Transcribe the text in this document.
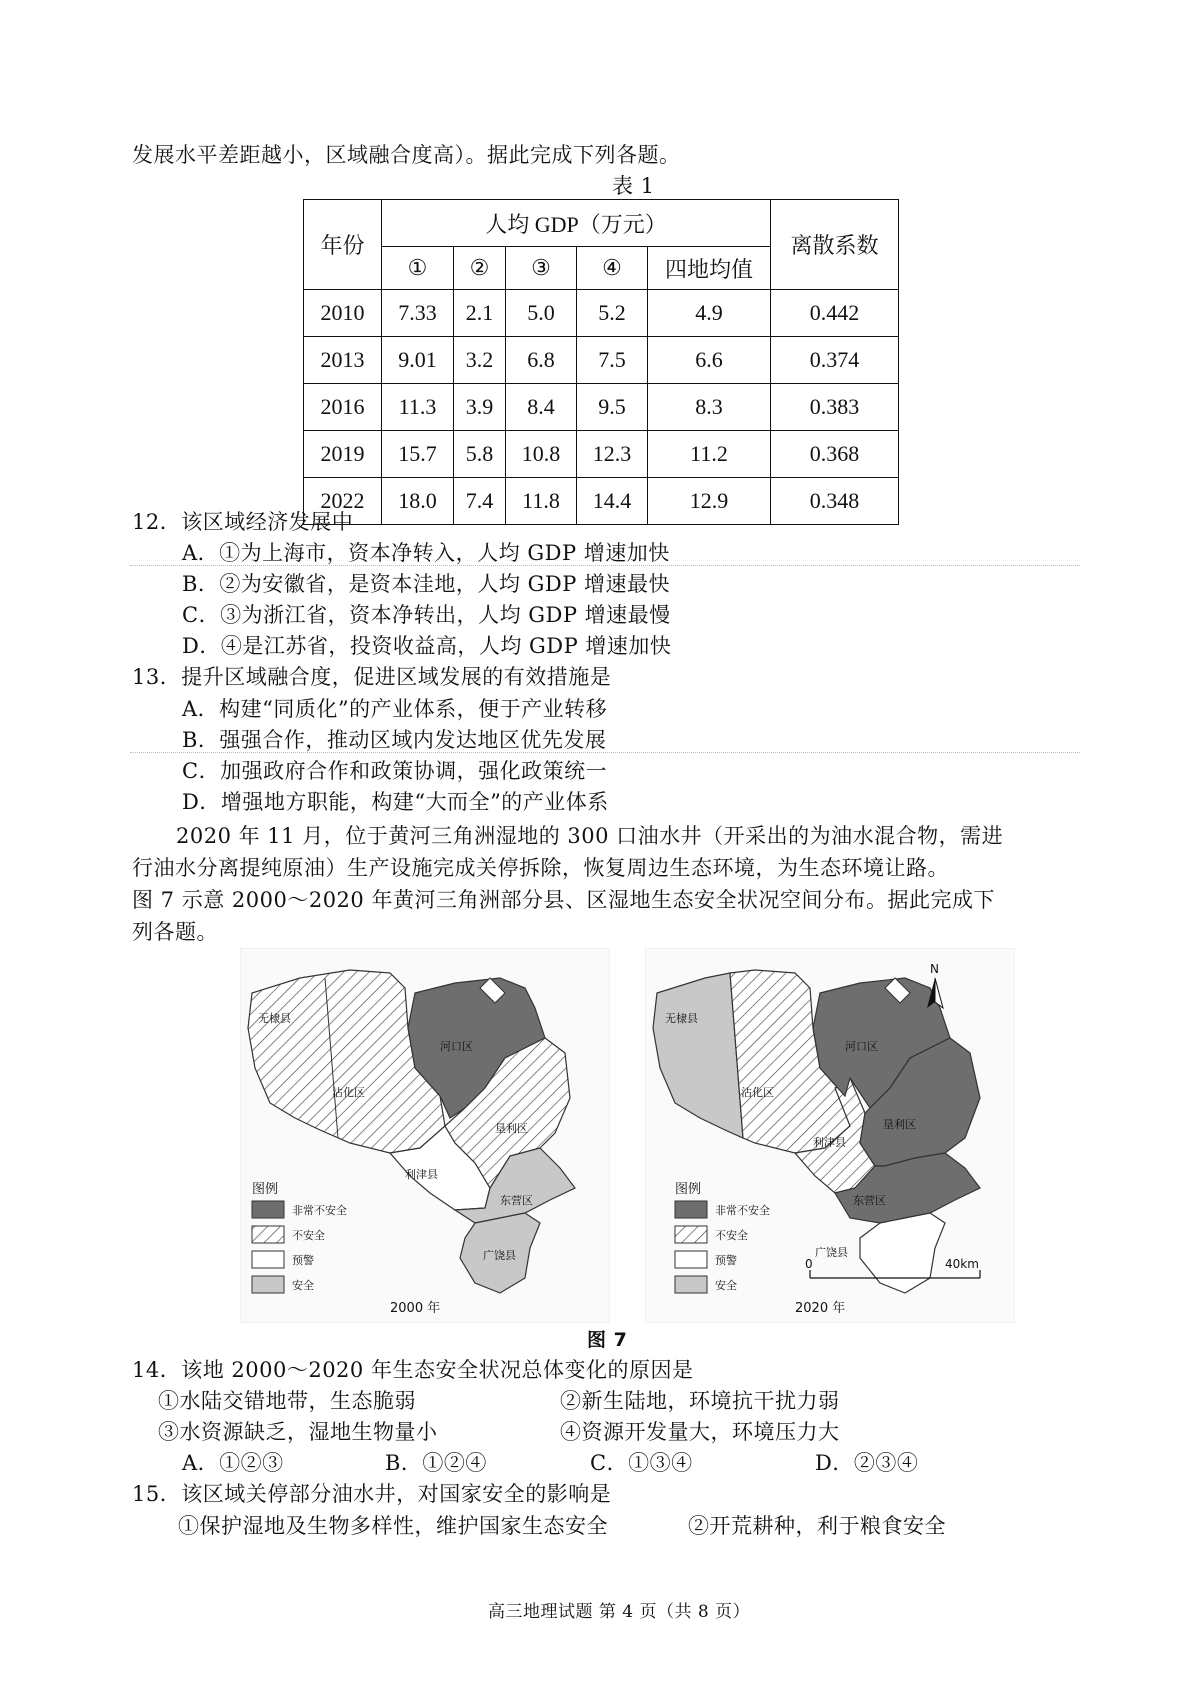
发展水平差距越小，区域融合度高）。据此完成下列各题。
表 1
年份	人均 GDP（万元）					离散系数
	①	②	③	④	四地均值	
2010	7.33	2.1	5.0	5.2	4.9	0.442
2013	9.01	3.2	6.8	7.5	6.6	0.374
2016	11.3	3.9	8.4	9.5	8.3	0.383
2019	15.7	5.8	10.8	12.3	11.2	0.368
2022	18.0	7.4	11.8	14.4	12.9	0.348
12．该区域经济发展中
A．①为上海市，资本净转入，人均 GDP 增速加快
B．②为安徽省，是资本洼地，人均 GDP 增速最快
C．③为浙江省，资本净转出，人均 GDP 增速最慢
D．④是江苏省，投资收益高，人均 GDP 增速加快
13．提升区域融合度，促进区域发展的有效措施是
A．构建“同质化”的产业体系，便于产业转移
B．强强合作，推动区域内发达地区优先发展
C．加强政府合作和政策协调，强化政策统一
D．增强地方职能，构建“大而全”的产业体系
2020 年 11 月，位于黄河三角洲湿地的 300 口油水井（开采出的为油水混合物，需进
行油水分离提纯原油）生产设施完成关停拆除，恢复周边生态环境，为生态环境让路。
图 7 示意 2000～2020 年黄河三角洲部分县、区湿地生态安全状况空间分布。据此完成下
列各题。
无棣县
沾化区
利津县
河口区
垦利区
东营区
广饶县
图例
非常不安全
不安全
预警
安全
2000 年
无棣县
沾化区
利津县
河口区
垦利区
东营区
广饶县
N
0	40km
图例
非常不安全
不安全
预警
安全
2020 年
图 7
14．该地 2000～2020 年生态安全状况总体变化的原因是
①水陆交错地带，生态脆弱	②新生陆地，环境抗干扰力弱
③水资源缺乏，湿地生物量小	④资源开发量大，环境压力大
A．①②③	B．①②④	C．①③④	D．②③④
15．该区域关停部分油水井，对国家安全的影响是
①保护湿地及生物多样性，维护国家生态安全	②开荒耕种，利于粮食安全
高三地理试题 第 4 页（共 8 页）
